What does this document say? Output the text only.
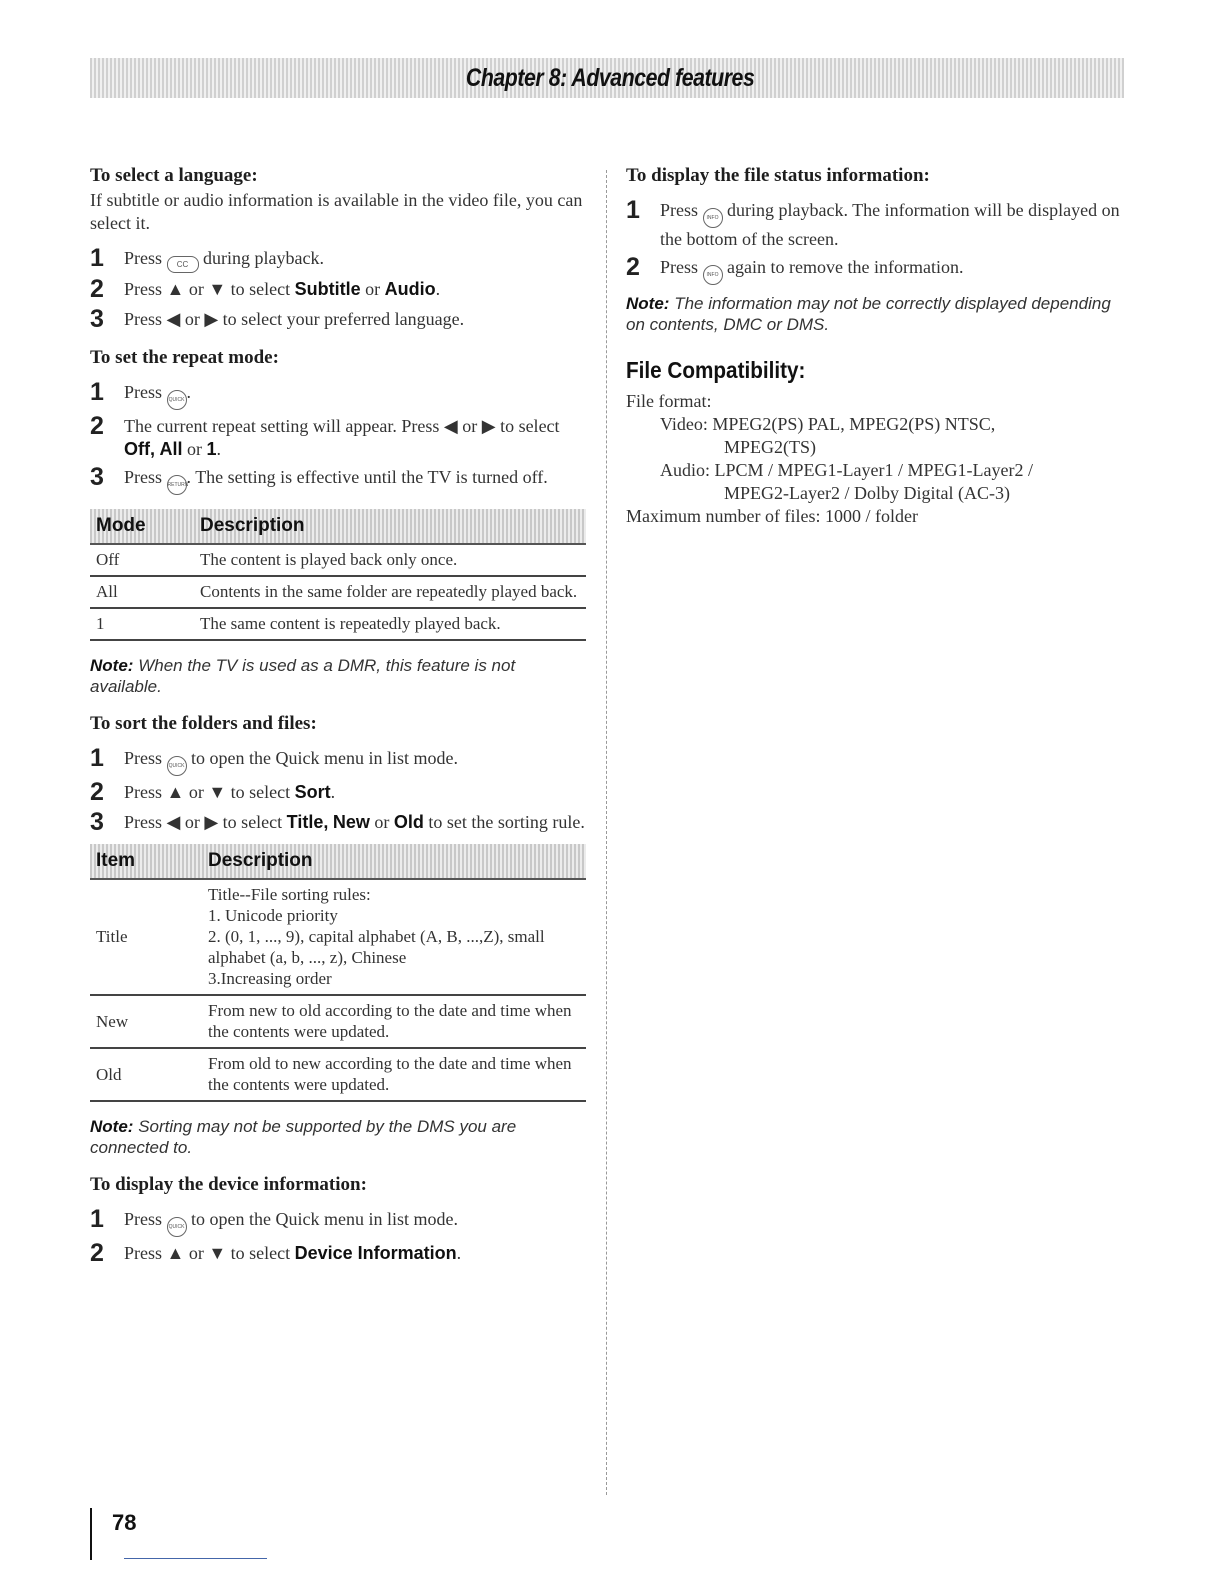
Chapter 8: Advanced features
To select a language:

If subtitle or audio information is available in the video file, you can select it.

1	Press CC during playback.
2	Press ▲ or ▼ to select Subtitle or Audio.
3	Press ◀ or ▶ to select your preferred language.
To set the repeat mode:
1	Press QUICK .
2	The current repeat setting will appear. Press ◀ or ▶ to select Off, All or 1.
3	Press RETURN. The setting is effective until the TV is turned off.
Mode	Description
Off	The content is played back only once.
All	Contents in the same folder are repeatedly played back.
1	The same content is repeatedly played back.

Note: When the TV is used as a DMR, this feature is not available.

To sort the folders and files:
1	Press QUICK to open the Quick menu in list mode.
2	Press ▲ or ▼ to select Sort.
3	Press ◀ or ▶ to select Title, New or Old to set the sorting rule.
Item	Description
Title	Title--File sorting rules:
1. Unicode priority
2. (0, 1, ..., 9), capital alphabet (A, B, ...,Z), small alphabet (a, b, ..., z), Chinese
3.Increasing order

New	From new to old according to the date and time when the contents were updated.
Old	From old to new according to the date and time when the contents were updated.

Note: Sorting may not be supported by the DMS you are connected to.

To display the device information:
1	Press QUICK to open the Quick menu in list mode.
2	Press ▲ or ▼ to select Device Information.
To display the file status information:
1	Press INFO during playback. The information will be displayed on the bottom of the screen.
2	Press INFO again to remove the information.

Note: The information may not be correctly displayed depending on contents, DMC or DMS.

File Compatibility:
File format:
Video: MPEG2(PS) PAL, MPEG2(PS) NTSC,
MPEG2(TS)
Audio: LPCM / MPEG1-Layer1 / MPEG1-Layer2 /
MPEG2-Layer2 / Dolby Digital (AC-3)
Maximum number of files: 1000 / folder
78
